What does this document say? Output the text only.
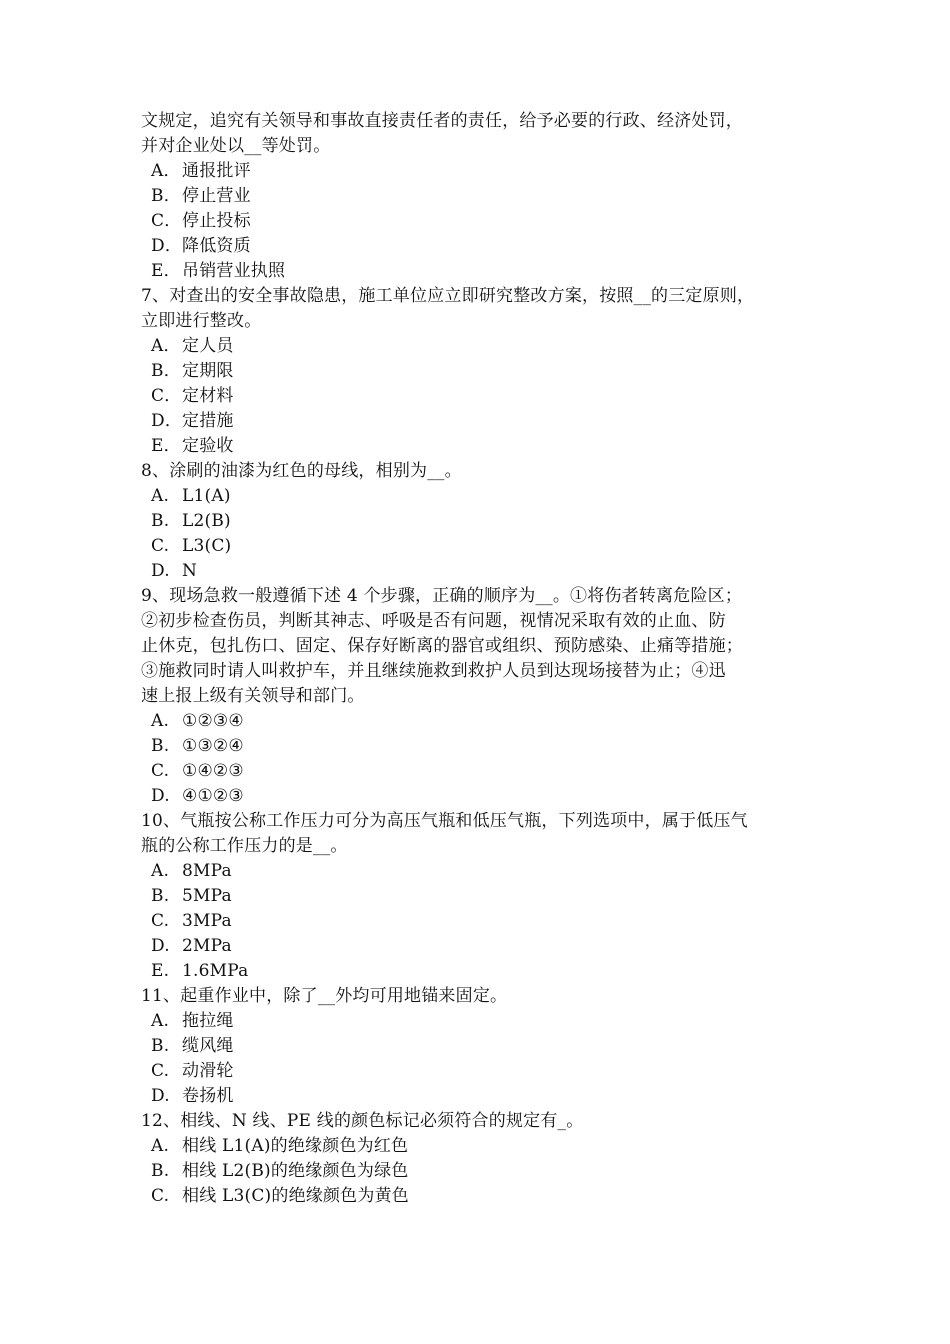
文规定，追究有关领导和事故直接责任者的责任，给予必要的行政、经济处罚，
并对企业处以__等处罚。
A．通报批评
B．停止营业
C．停止投标
D．降低资质
E．吊销营业执照
7、对查出的安全事故隐患，施工单位应立即研究整改方案，按照__的三定原则，
立即进行整改。
A．定人员
B．定期限
C．定材料
D．定措施
E．定验收
8、涂刷的油漆为红色的母线，相别为__。
A. L1(A)
B. L2(B)
C. L3(C)
D. N
9、现场急救一般遵循下述 4 个步骤，正确的顺序为__。①将伤者转离危险区；
②初步检查伤员，判断其神志、呼吸是否有问题，视情况采取有效的止血、防
止休克，包扎伤口、固定、保存好断离的器官或组织、预防感染、止痛等措施；
③施救同时请人叫救护车，并且继续施救到救护人员到达现场接替为止；④迅
速上报上级有关领导和部门。
A. ①②③④
B. ①③②④
C. ①④②③
D. ④①②③
10、气瓶按公称工作压力可分为高压气瓶和低压气瓶，下列选项中，属于低压气
瓶的公称工作压力的是__。
A. 8MPa
B. 5MPa
C. 3MPa
D. 2MPa
E. 1.6MPa
11、起重作业中，除了__外均可用地锚来固定。
A. 拖拉绳
B. 缆风绳
C. 动滑轮
D. 卷扬机
12、相线、N 线、PE 线的颜色标记必须符合的规定有_。
A. 相线 L1(A)的绝缘颜色为红色
B. 相线 L2(B)的绝缘颜色为绿色
C. 相线 L3(C)的绝缘颜色为黄色
